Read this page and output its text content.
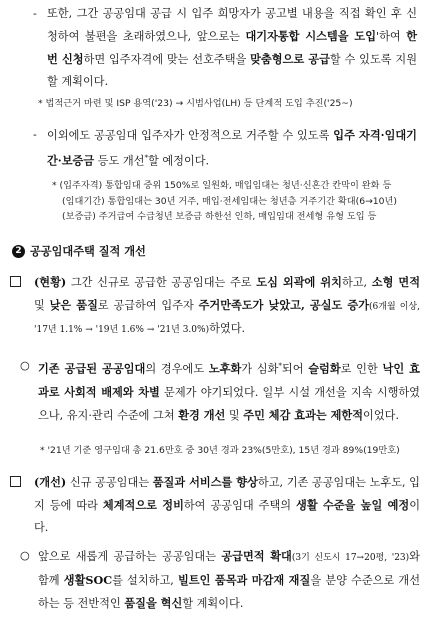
- 또한, 그간 공공임대 공급 시 입주 희망자가 공고별 내용을 직접 확인 후 신청하여 불편을 초래하였으나, 앞으로는 대기자통합 시스템을 도입'하여 한 번 신청하면 입주자격에 맞는 선호주택을 맞춤형으로 공급할 수 있도록 지원할 계획이다.
* 법적근거 마련 및 ISP 용역('23) → 시범사업(LH) 등 단계적 도입 추진('25~)
- 이외에도 공공임대 입주자가 안정적으로 거주할 수 있도록 입주 자격·임대기간·보증금 등도 개선*할 예정이다.
* (입주자격) 통합임대 중위 150%로 일원화, 매입임대는 청년·신혼간 칸막이 완화 등
(임대기간) 통합임대는 30년 거주, 매입·전세임대는 청년층 거주기간 확대(6→10년)
(보증금) 주거급여 수급청년 보증금 하한선 인하, 매입임대 전세형 유형 도입 등
2 공공임대주택 질적 개선
(현황) 그간 신규로 공급한 공공임대는 주로 도심 외곽에 위치하고, 소형 면적 및 낮은 품질로 공급하여 입주자 주거만족도가 낮았고, 공실도 증가(6개월 이상, '17년 1.1% → '19년 1.6% → '21년 3.0%)하였다.
○ 기존 공급된 공공임대의 경우에도 노후화가 심화*되어 슬럼화로 인한 낙인 효과로 사회적 배제와 차별 문제가 야기되었다. 일부 시설 개선을 지속 시행하였으나, 유지·관리 수준에 그쳐 환경 개선 및 주민 체감 효과는 제한적이었다.
* '21년 기준 영구임대 총 21.6만호 중 30년 경과 23%(5만호), 15년 경과 89%(19만호)
(개선) 신규 공공임대는 품질과 서비스를 향상하고, 기존 공공임대는 노후도, 입지 등에 따라 체계적으로 정비하여 공공임대 주택의 생활 수준을 높일 예정이다.
○ 앞으로 새롭게 공급하는 공공임대는 공급면적 확대(3기 신도시 17→20평, '23)와 함께 생활SOC를 설치하고, 빌트인 품목과 마감재 재질을 분양 수준으로 개선하는 등 전반적인 품질을 혁신할 계획이다.
